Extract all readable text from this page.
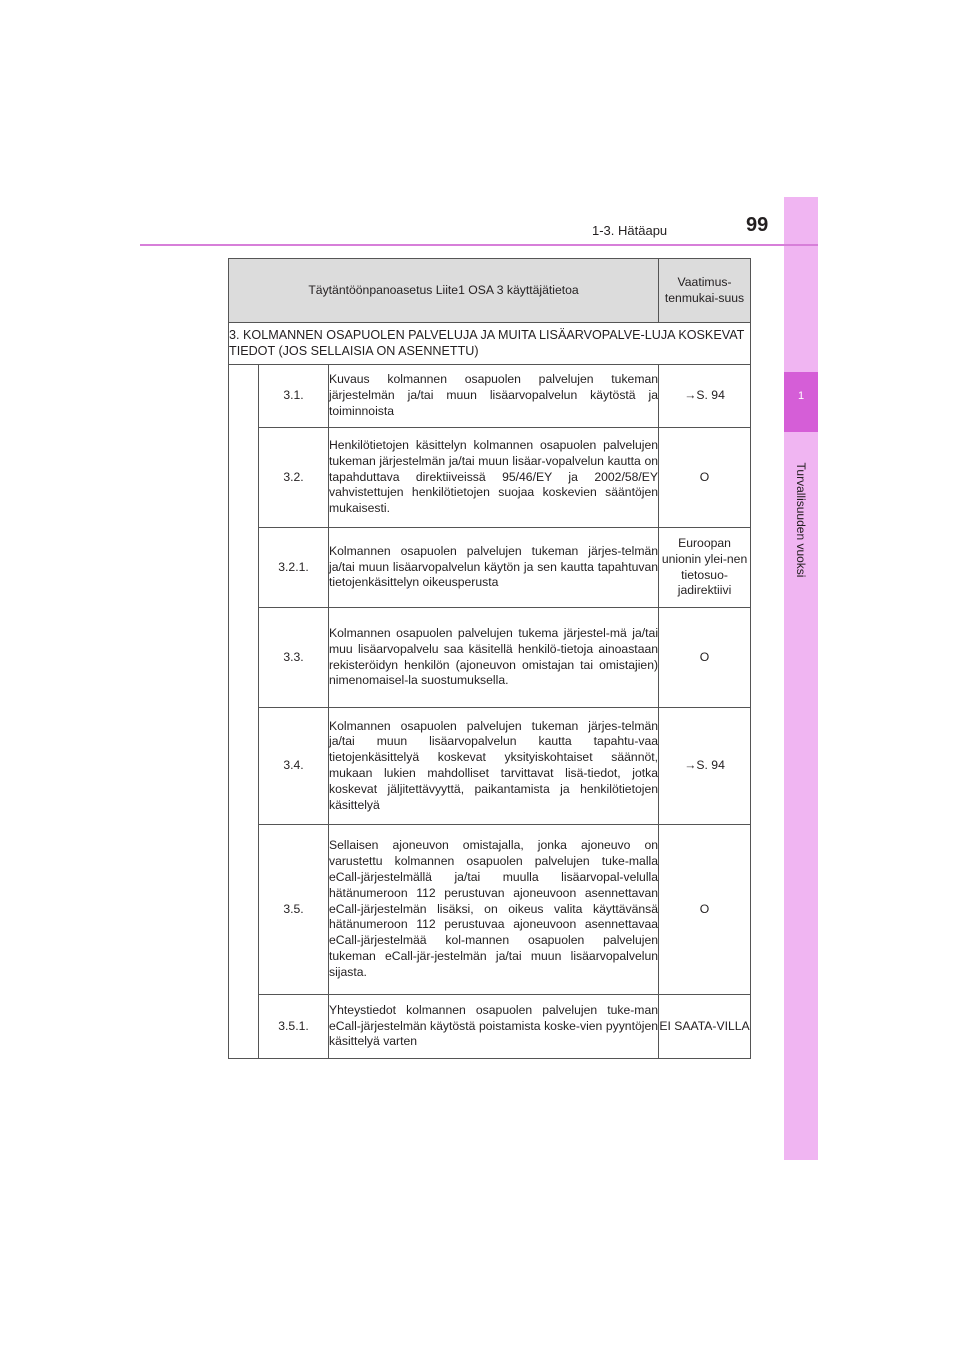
1
Turvallisuuden vuoksi
1-3. Hätäapu	99
Täytäntöönpanoasetus Liite1 OSA 3 käyttäjätietoa			Vaatimus-tenmukai-suus
3. KOLMANNEN OSAPUOLEN PALVELUJA JA MUITA LISÄARVOPALVE-LUJA KOSKEVAT TIEDOT (JOS SELLAISIA ON ASENNETTU)			
	3.1.	Kuvaus kolmannen osapuolen palvelujen tukeman järjestelmän ja/tai muun lisäarvopalvelun käytöstä ja toiminnoista	→S. 94
	3.2.	Henkilötietojen käsittelyn kolmannen osapuolen palvelujen tukeman järjestelmän ja/tai muun lisäar-vopalvelun kautta on tapahduttava direktiiveissä 95/46/EY ja 2002/58/EY vahvistettujen henkilötietojen suojaa koskevien sääntöjen mukaisesti.	O
	3.2.1.	Kolmannen osapuolen palvelujen tukeman järjes-telmän ja/tai muun lisäarvopalvelun käytön ja sen kautta tapahtuvan tietojenkäsittelyn oikeusperusta	Euroopan unionin ylei-nen tietosuo-jadirektiivi
	3.3.	Kolmannen osapuolen palvelujen tukema järjestel-mä ja/tai muu lisäarvopalvelu saa käsitellä henkilö-tietoja ainoastaan rekisteröidyn henkilön (ajoneuvon omistajan tai omistajien) nimenomaisel-la suostumuksella.	O
	3.4.	Kolmannen osapuolen palvelujen tukeman järjes-telmän ja/tai muun lisäarvopalvelun kautta tapahtu-vaa tietojenkäsittelyä koskevat yksityiskohtaiset säännöt, mukaan lukien mahdolliset tarvittavat lisä-tiedot, jotka koskevat jäljitettävyyttä, paikantamista ja henkilötietojen käsittelyä	→S. 94
	3.5.	Sellaisen ajoneuvon omistajalla, jonka ajoneuvo on varustettu kolmannen osapuolen palvelujen tuke-malla eCall-järjestelmällä ja/tai muulla lisäarvopal-velulla hätänumeroon 112 perustuvan ajoneuvoon asennettavan eCall-järjestelmän lisäksi, on oikeus valita käyttävänsä hätänumeroon 112 perustuvaa ajoneuvoon asennettavaa eCall-järjestelmää kol-mannen osapuolen palvelujen tukeman eCall-jär-jestelmän ja/tai muun lisäarvopalvelun sijasta.	O
	3.5.1.	Yhteystiedot kolmannen osapuolen palvelujen tuke-man eCall-järjestelmän käytöstä poistamista koske-vien pyyntöjen käsittelyä varten	EI SAATA-VILLA
